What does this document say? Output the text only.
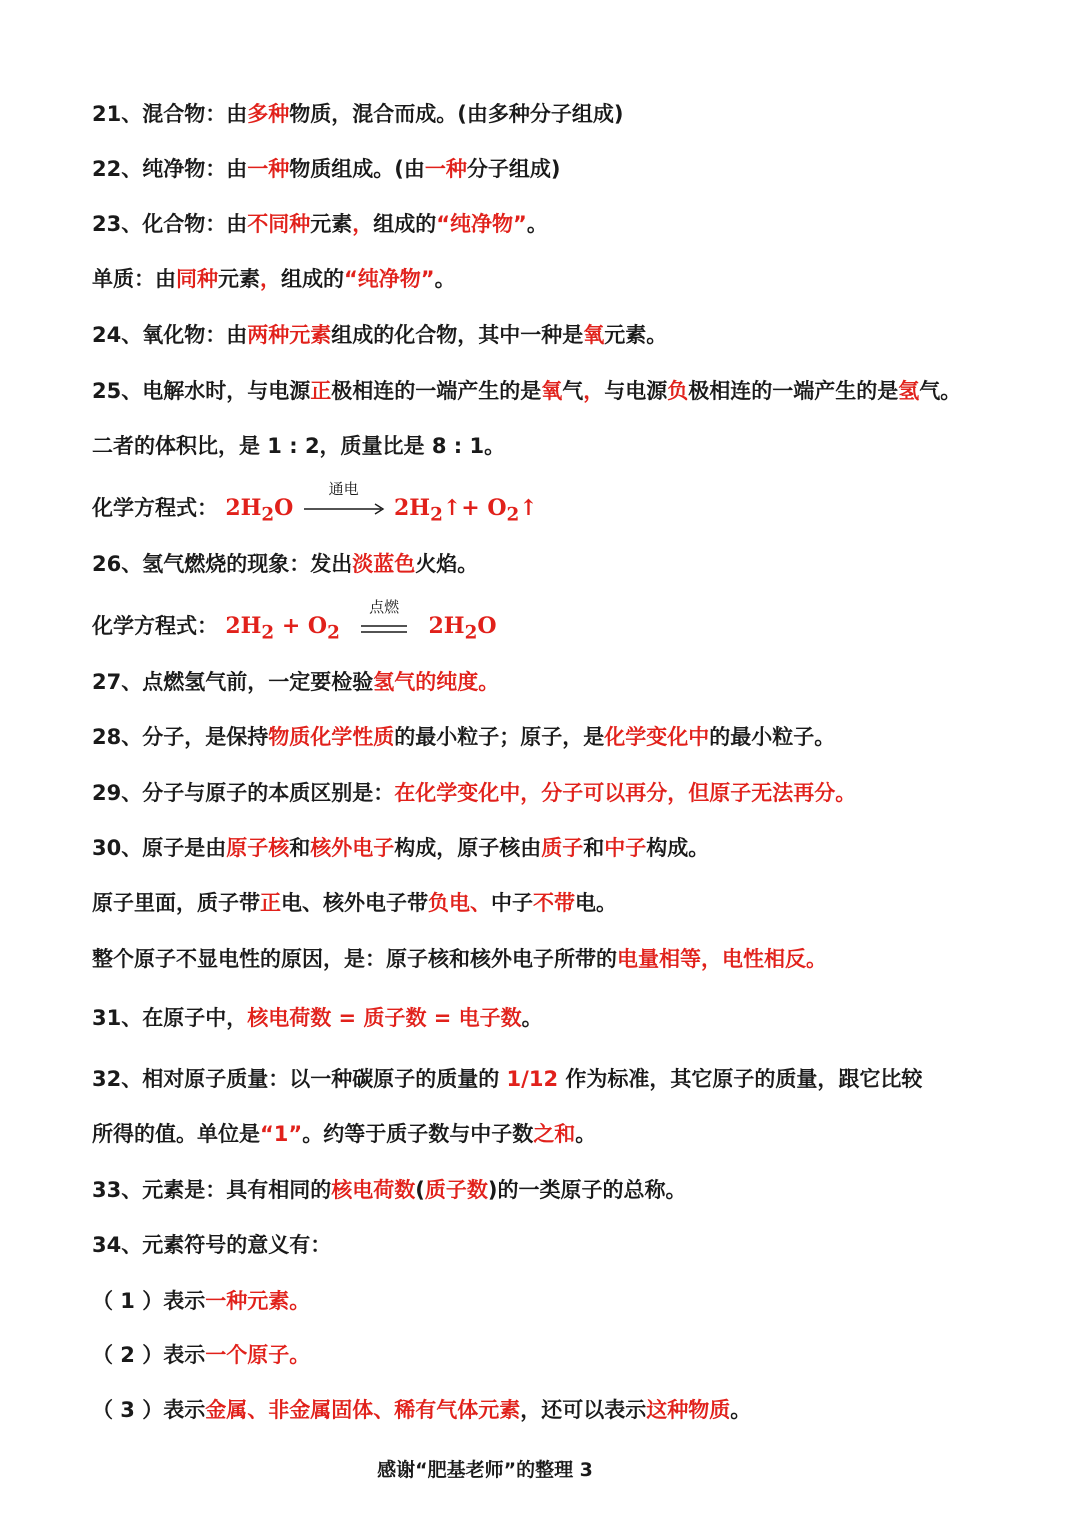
21、混合物：由多种物质，混合而成。(由多种分子组成)
22、纯净物：由一种物质组成。(由一种分子组成)
23、化合物：由不同种元素，组成的“纯净物”。
单质：由同种元素，组成的“纯净物”。
24、氧化物：由两种元素组成的化合物，其中一种是氧元素。
25、电解水时，与电源正极相连的一端产生的是氧气，与电源负极相连的一端产生的是氢气。
二者的体积比，是 1 : 2，质量比是 8 : 1。
化学方程式： $2H_2O$
通电
$2H_2↑+$ $O_2↑$
26、氢气燃烧的现象：发出淡蓝色火焰。
化学方程式： $2H_2 + O_2$
点燃
$2H_2O$
27、点燃氢气前，一定要检验氢气的纯度。
28、分子，是保持物质化学性质的最小粒子；原子，是化学变化中的最小粒子。
29、分子与原子的本质区别是：在化学变化中，分子可以再分，但原子无法再分。
30、原子是由原子核和核外电子构成，原子核由质子和中子构成。
原子里面，质子带正电、核外电子带负电、中子不带电。
整个原子不显电性的原因，是：原子核和核外电子所带的电量相等，电性相反。
31、在原子中，核电荷数 = 质子数 = 电子数。
32、相对原子质量：以一种碳原子的质量的 1/12 作为标准，其它原子的质量，跟它比较
所得的值。单位是“1”。约等于质子数与中子数之和。
33、元素是：具有相同的核电荷数(质子数)的一类原子的总称。
34、元素符号的意义有：
（ 1 ）表示一种元素。
（ 2 ）表示一个原子。
（ 3 ）表示金属、非金属固体、稀有气体元素，还可以表示这种物质。
感谢“肥基老师”的整理 3
